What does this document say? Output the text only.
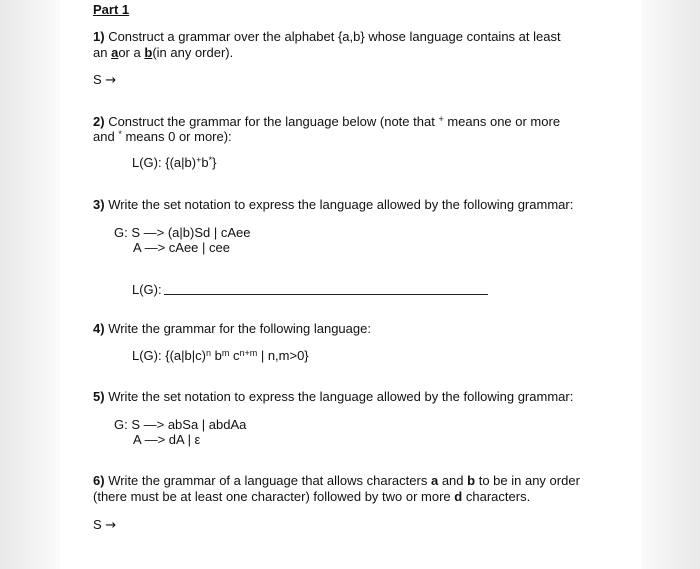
Part 1
1) Construct a grammar over the alphabet {a,b} whose language contains at least
an aor a b(in any order).
S →
2) Construct the grammar for the language below (note that + means one or more
and * means 0 or more):
L(G): {(a|b)+b*}
3) Write the set notation to express the language allowed by the following grammar:
G: S —> (a|b)Sd | cAee
A —> cAee | cee
L(G):
4) Write the grammar for the following language:
L(G): {$(a|b|c)^n$ $b^m$ $c^{n+m}$ | n,m>0}
5) Write the set notation to express the language allowed by the following grammar:
G: S —> abSa | abdAa
A —> dA | ε
6) Write the grammar of a language that allows characters a and b to be in any order
(there must be at least one character) followed by two or more d characters.
S →
